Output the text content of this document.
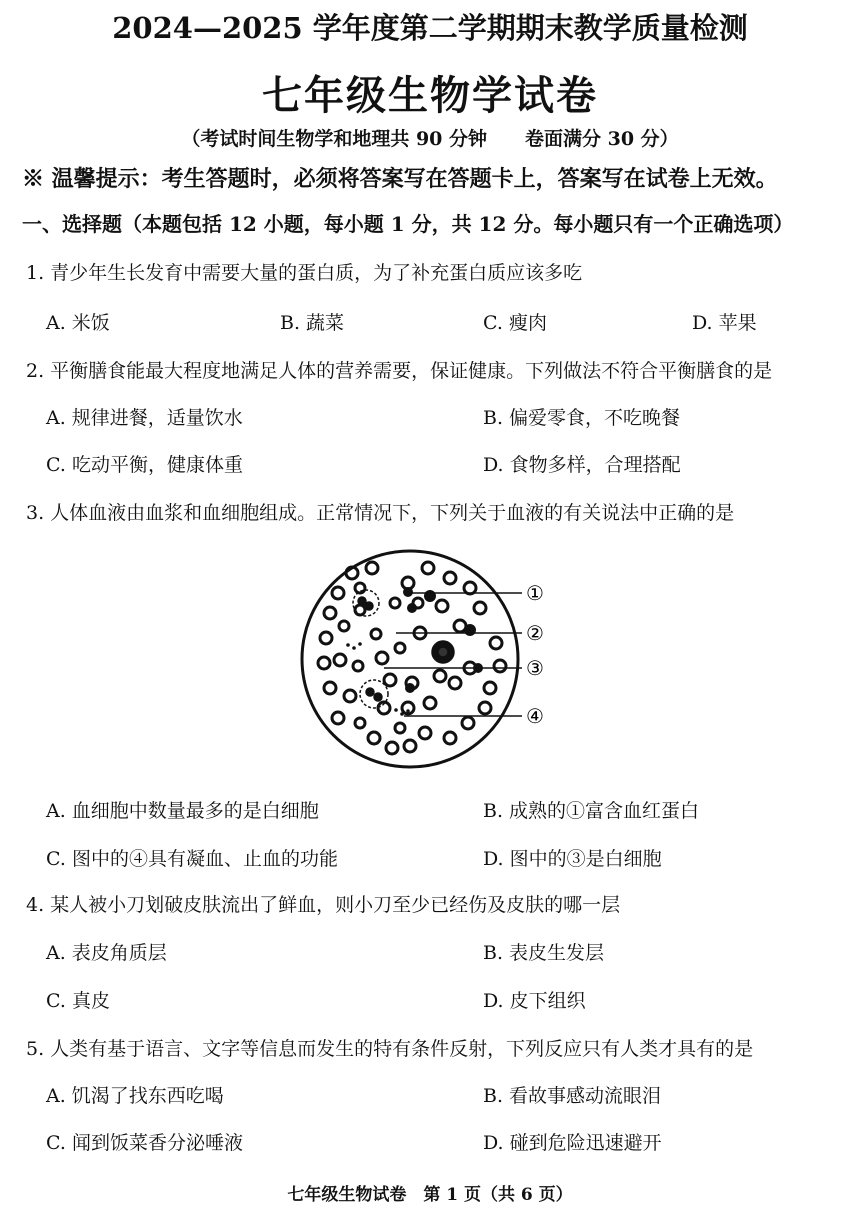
2024—2025 学年度第二学期期末教学质量检测
七年级生物学试卷
（考试时间生物学和地理共 90 分钟　　卷面满分 30 分）
※ 温馨提示：考生答题时，必须将答案写在答题卡上，答案写在试卷上无效。
一、选择题（本题包括 12 小题，每小题 1 分，共 12 分。每小题只有一个正确选项）
1. 青少年生长发育中需要大量的蛋白质，为了补充蛋白质应该多吃
A. 米饭	B. 蔬菜	C. 瘦肉	D. 苹果
2. 平衡膳食能最大程度地满足人体的营养需要，保证健康。下列做法不符合平衡膳食的是
A. 规律进餐，适量饮水	B. 偏爱零食，不吃晚餐
C. 吃动平衡，健康体重	D. 食物多样，合理搭配
3. 人体血液由血浆和血细胞组成。正常情况下，下列关于血液的有关说法中正确的是
①
②
③
④
A. 血细胞中数量最多的是白细胞	B. 成熟的①富含血红蛋白
C. 图中的④具有凝血、止血的功能	D. 图中的③是白细胞
4. 某人被小刀划破皮肤流出了鲜血，则小刀至少已经伤及皮肤的哪一层
A. 表皮角质层	B. 表皮生发层
C. 真皮	D. 皮下组织
5. 人类有基于语言、文字等信息而发生的特有条件反射，下列反应只有人类才具有的是
A. 饥渴了找东西吃喝	B. 看故事感动流眼泪
C. 闻到饭菜香分泌唾液	D. 碰到危险迅速避开
七年级生物试卷　第 1 页（共 6 页）
